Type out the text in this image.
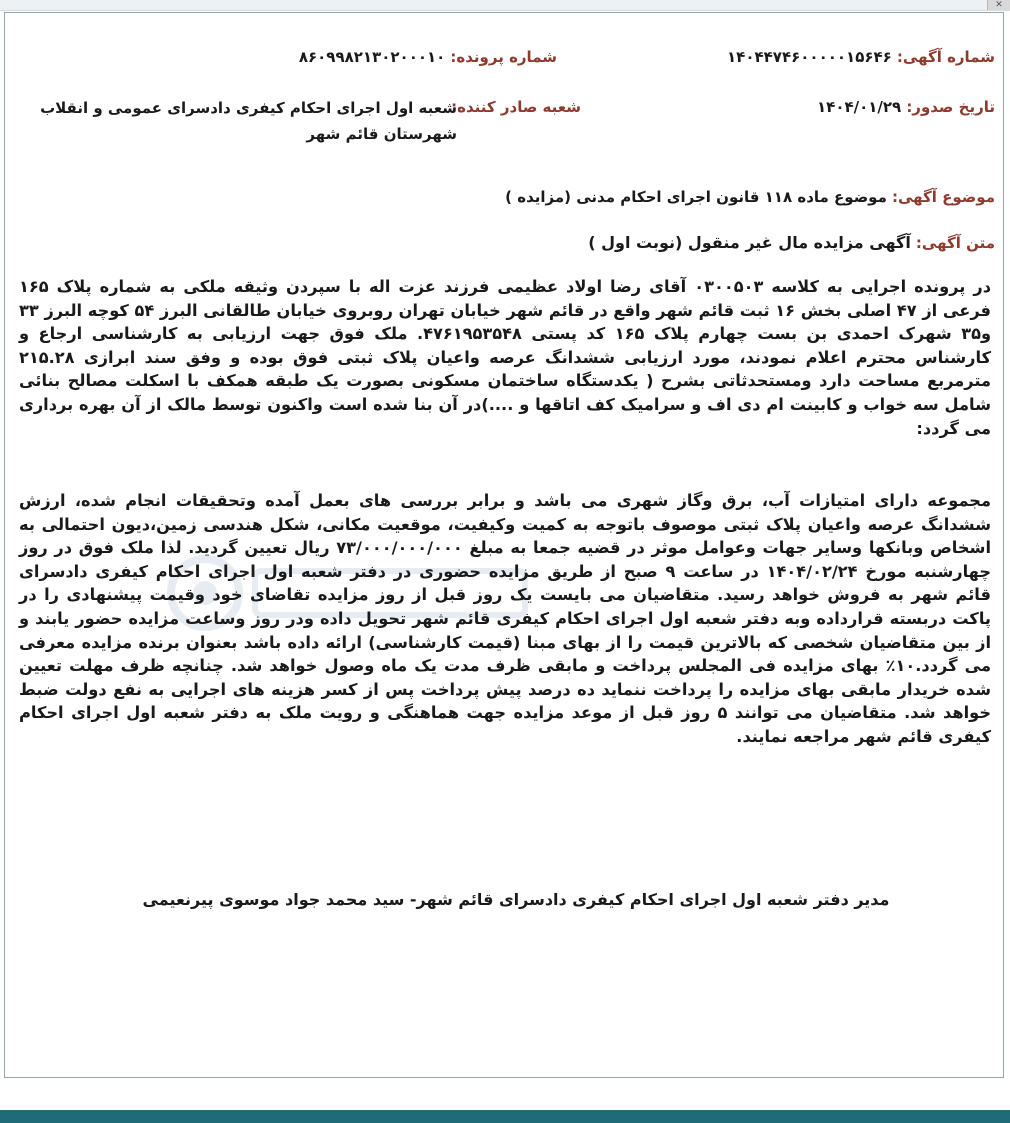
✕
شماره آگهی: ۱۴۰۴۴۷۴۶۰۰۰۰۰۱۵۶۴۶
شماره پرونده: ۸۶۰۹۹۸۲۱۳۰۲۰۰۰۱۰
تاریخ صدور: ۱۴۰۴/۰۱/۲۹
شعبه صادر کننده:
شعبه اول اجرای احکام کیفری دادسرای عمومی و انقلاب
شهرستان قائم شهر
موضوع آگهی: موضوع ماده ۱۱۸ قانون اجرای احکام مدنی (مزایده )
متن آگهی: آگهی مزایده مال غیر منقول (نوبت اول )
در پرونده اجرایی به کلاسه ۰۳۰۰۵۰۳ آقای رضا اولاد عظیمی فرزند عزت اله با سپردن وثیقه ملکی به شماره پلاک ۱۶۵ فرعی از ۴۷ اصلی بخش ۱۶ ثبت قائم شهر واقع در قائم شهر خیابان تهران روبروی خیابان طالقانی البرز ۵۴ کوچه البرز ۳۳ و۳۵ شهرک احمدی بن بست چهارم پلاک ۱۶۵ کد پستی ۴۷۶۱۹۵۳۵۴۸. ملک فوق جهت ارزیابی به کارشناسی ارجاع و کارشناس محترم اعلام نمودند، مورد ارزیابی ششدانگ عرصه واعیان پلاک ثبتی فوق بوده و وفق سند ابرازی ۲۱۵.۲۸ مترمربع مساحت دارد ومستحدثاتی بشرح ( یکدستگاه ساختمان مسکونی بصورت یک طبقه همکف با اسکلت مصالح بنائی شامل سه خواب و کابینت ام دی اف و سرامیک کف اتاقها و ....)در آن بنا شده است واکنون توسط مالک از آن بهره برداری می گردد:
مجموعه دارای امتیازات آب، برق وگاز شهری می باشد و برابر بررسی های بعمل آمده وتحقیقات انجام شده، ارزش ششدانگ عرصه واعیان پلاک ثبتی موصوف باتوجه به کمیت وکیفیت، موقعیت مکانی، شکل هندسی زمین،دیون احتمالی به اشخاص وبانکها وسایر جهات وعوامل موثر در قضیه جمعا به مبلغ ۷۳/۰۰۰/۰۰۰/۰۰۰ ریال تعیین گردید. لذا ملک فوق در روز چهارشنبه مورخ ۱۴۰۴/۰۲/۲۴ در ساعت ۹ صبح از طریق مزایده حضوری در دفتر شعبه اول اجرای احکام کیفری دادسرای قائم شهر به فروش خواهد رسید. متقاضیان می بایست یک روز قبل از روز مزایده تقاضای خود وقیمت پیشنهادی را در پاکت دربسته قرارداده وبه دفتر شعبه اول اجرای احکام کیفری قائم شهر تحویل داده ودر روز وساعت مزایده حضور یابند و از بین متقاضیان شخصی که بالاترین قیمت را از بهای مبنا (قیمت کارشناسی) ارائه داده باشد بعنوان برنده مزایده معرفی می گردد.۱۰٪ بهای مزایده فی المجلس پرداخت و مابقی ظرف مدت یک ماه وصول خواهد شد. چنانچه ظرف مهلت تعیین شده خریدار مابقی بهای مزایده را پرداخت ننماید ده درصد پیش پرداخت پس از کسر هزینه های اجرایی به نفع دولت ضبط خواهد شد. متقاضیان می توانند ۵ روز قبل از موعد مزایده جهت هماهنگی و رویت ملک به دفتر شعبه اول اجرای احکام کیفری قائم شهر مراجعه نمایند.
مدیر دفتر شعبه اول اجرای احکام کیفری دادسرای قائم شهر- سید محمد جواد موسوی پیرنعیمی
